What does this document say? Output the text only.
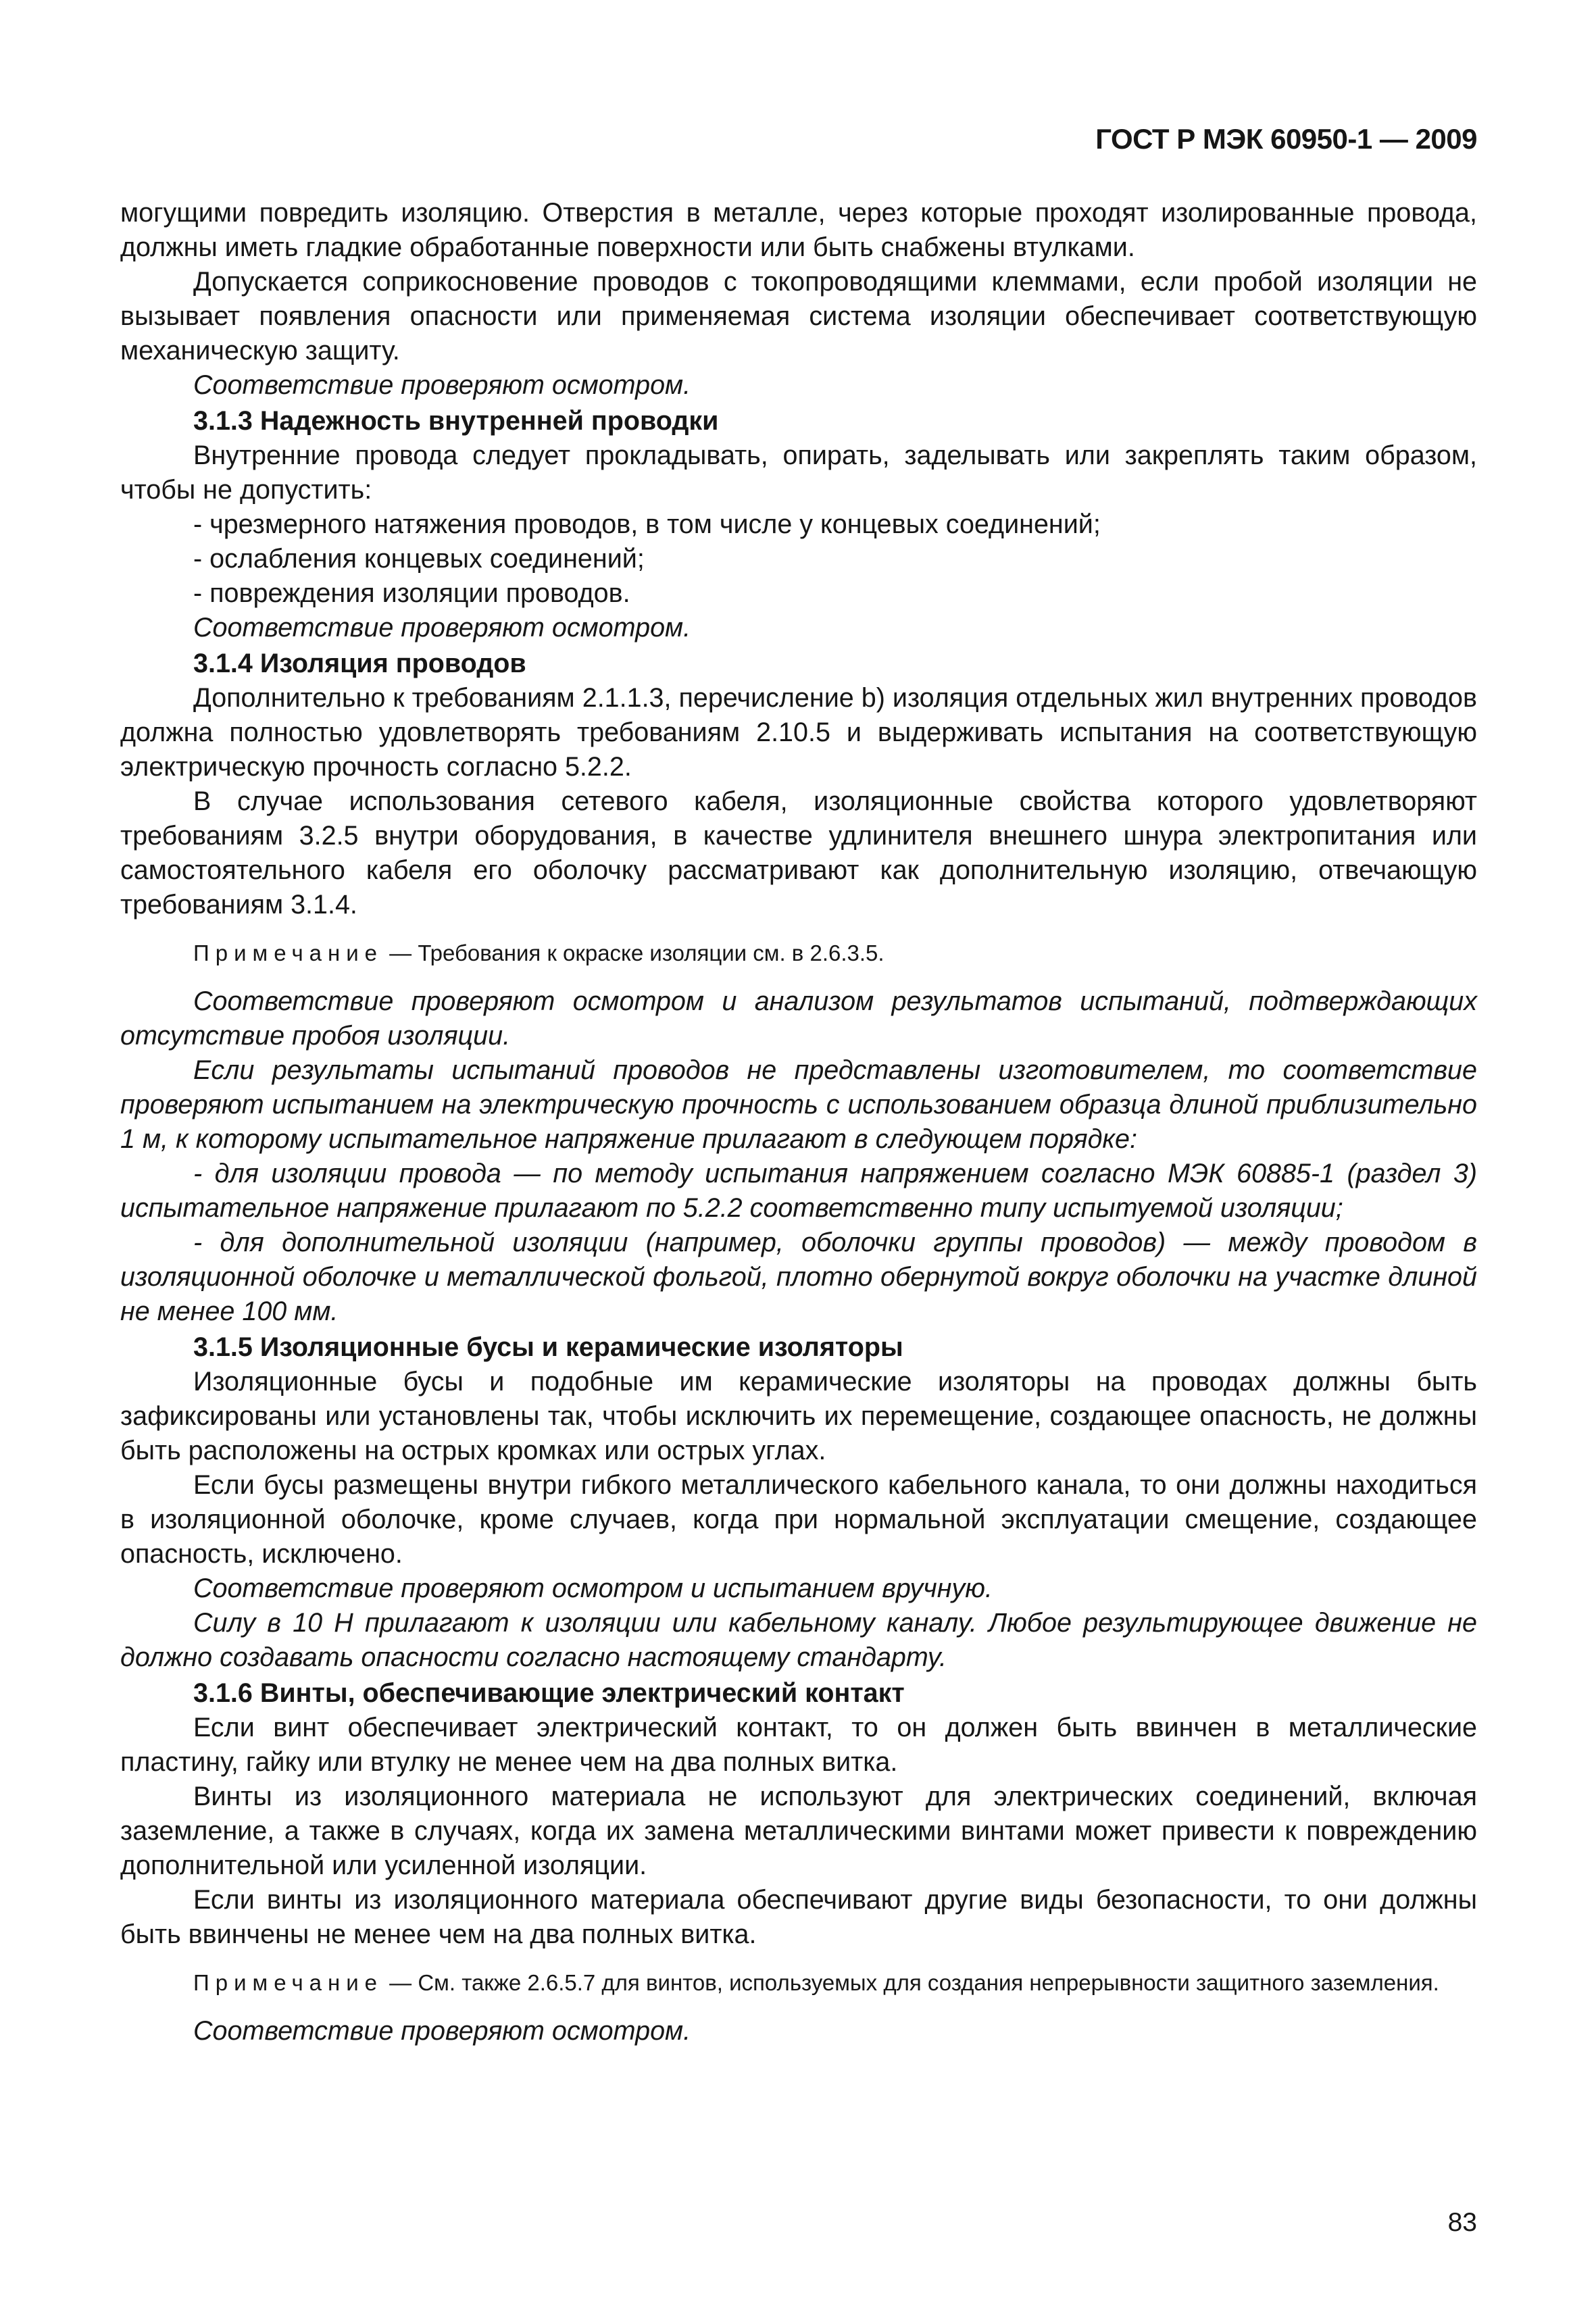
ГОСТ Р МЭК 60950-1 — 2009

могущими повредить изоляцию. Отверстия в металле, через которые проходят изолированные провода, должны иметь гладкие обработанные поверхности или быть снабжены втулками.

Допускается соприкосновение проводов с токопроводящими клеммами, если пробой изоляции не вызывает появления опасности или применяемая система изоляции обеспечивает соответствующую механическую защиту.

Соответствие проверяют осмотром.

3.1.3 Надежность внутренней проводки

Внутренние провода следует прокладывать, опирать, заделывать или закреплять таким образом, чтобы не допустить:

- чрезмерного натяжения проводов, в том числе у концевых соединений;

- ослабления концевых соединений;

- повреждения изоляции проводов.

Соответствие проверяют осмотром.

3.1.4 Изоляция проводов

Дополнительно к требованиям 2.1.1.3, перечисление b) изоляция отдельных жил внутренних проводов должна полностью удовлетворять требованиям 2.10.5 и выдерживать испытания на соответствующую электрическую прочность согласно 5.2.2.

В случае использования сетевого кабеля, изоляционные свойства которого удовлетворяют требованиям 3.2.5 внутри оборудования, в качестве удлинителя внешнего шнура электропитания или самостоятельного кабеля его оболочку рассматривают как дополнительную изоляцию, отвечающую требованиям 3.1.4.

Примечание — Требования к окраске изоляции см. в 2.6.3.5.

Соответствие проверяют осмотром и анализом результатов испытаний, подтверждающих отсутствие пробоя изоляции.

Если результаты испытаний проводов не представлены изготовителем, то соответствие проверяют испытанием на электрическую прочность с использованием образца длиной приблизительно 1 м, к которому испытательное напряжение прилагают в следующем порядке:

- для изоляции провода — по методу испытания напряжением согласно МЭК 60885-1 (раздел 3) испытательное напряжение прилагают по 5.2.2 соответственно типу испытуемой изоляции;

- для дополнительной изоляции (например, оболочки группы проводов) — между проводом в изоляционной оболочке и металлической фольгой, плотно обернутой вокруг оболочки на участке длиной не менее 100 мм.

3.1.5 Изоляционные бусы и керамические изоляторы

Изоляционные бусы и подобные им керамические изоляторы на проводах должны быть зафиксированы или установлены так, чтобы исключить их перемещение, создающее опасность, не должны быть расположены на острых кромках или острых углах.

Если бусы размещены внутри гибкого металлического кабельного канала, то они должны находиться в изоляционной оболочке, кроме случаев, когда при нормальной эксплуатации смещение, создающее опасность, исключено.

Соответствие проверяют осмотром и испытанием вручную.

Силу в 10 Н прилагают к изоляции или кабельному каналу. Любое результирующее движение не должно создавать опасности согласно настоящему стандарту.

3.1.6 Винты, обеспечивающие электрический контакт

Если винт обеспечивает электрический контакт, то он должен быть ввинчен в металлические пластину, гайку или втулку не менее чем на два полных витка.

Винты из изоляционного материала не используют для электрических соединений, включая заземление, а также в случаях, когда их замена металлическими винтами может привести к повреждению дополнительной или усиленной изоляции.

Если винты из изоляционного материала обеспечивают другие виды безопасности, то они должны быть ввинчены не менее чем на два полных витка.

Примечание — См. также 2.6.5.7 для винтов, используемых для создания непрерывности защитного заземления.

Соответствие проверяют осмотром.

83
